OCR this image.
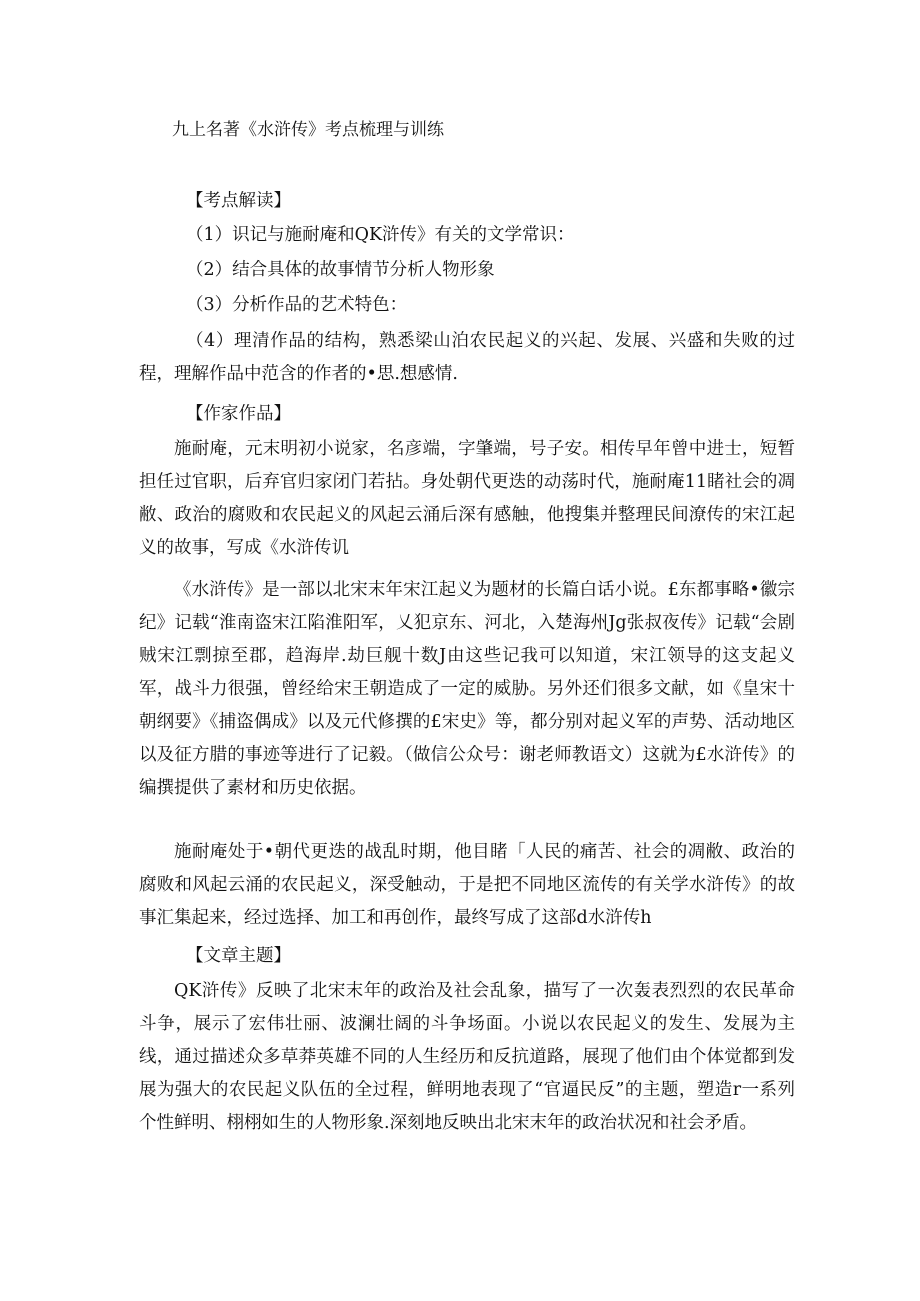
九上名著《水浒传》考点梳理与训练
【考点解读】
（1）识记与施耐庵和QK浒传》有关的文学常识：
（2）结合具体的故事情节分析人物形象
（3）分析作品的艺术特色：
（4）理清作品的结构，熟悉梁山泊农民起义的兴起、发展、兴盛和失败的过程，理解作品中范含的作者的•思.想感情.
【作家作品】
施耐庵，元末明初小说家，名彦端，字肇端，号子安。相传早年曾中进士，短暂担任过官职，后弃官归家闭门若拈。身处朝代更迭的动荡时代，施耐庵11睹社会的凋敝、政治的腐败和农民起义的风起云涌后深有感触，他搜集并整理民间潦传的宋江起义的故事，写成《水浒传讥
《水浒传》是一部以北宋末年宋江起义为题材的长篇白话小说。£东都事略•徽宗纪》记载“淮南盗宋江陷淮阳军，乂犯京东、河北，入楚海州Jg张叔夜传》记载“会剧贼宋江剽掠至郡，趋海岸.劫巨舰十数J由这些记我可以知道，宋江领导的这支起义军，战斗力很强，曾经给宋王朝造成了一定的威胁。另外还们很多文献，如《皇宋十朝纲要》《捕盗偶成》以及元代修撰的£宋史》等，都分别对起义军的声势、活动地区以及征方腊的事迹等进行了记毅。（做信公众号：谢老师教语文）这就为£水浒传》的编撰提供了素材和历史依据。
施耐庵处于•朝代更迭的战乱时期，他目睹「人民的痛苦、社会的凋敝、政治的腐败和风起云涌的农民起义，深受触动，于是把不同地区流传的有关学水浒传》的故事汇集起来，经过选择、加工和再创作，最终写成了这部d水浒传h
【文章主题】
QK浒传》反映了北宋末年的政治及社会乱象，描写了一次轰表烈烈的农民革命斗争，展示了宏伟壮丽、波澜壮阔的斗争场面。小说以农民起义的发生、发展为主线，通过描述众多草莽英雄不同的人生经历和反抗道路，展现了他们由个体觉都到发展为强大的农民起义队伍的全过程，鲜明地表现了“官逼民反”的主题，塑造r一系列个性鲜明、栩栩如生的人物形象.深刻地反映出北宋末年的政治状况和社会矛盾。
